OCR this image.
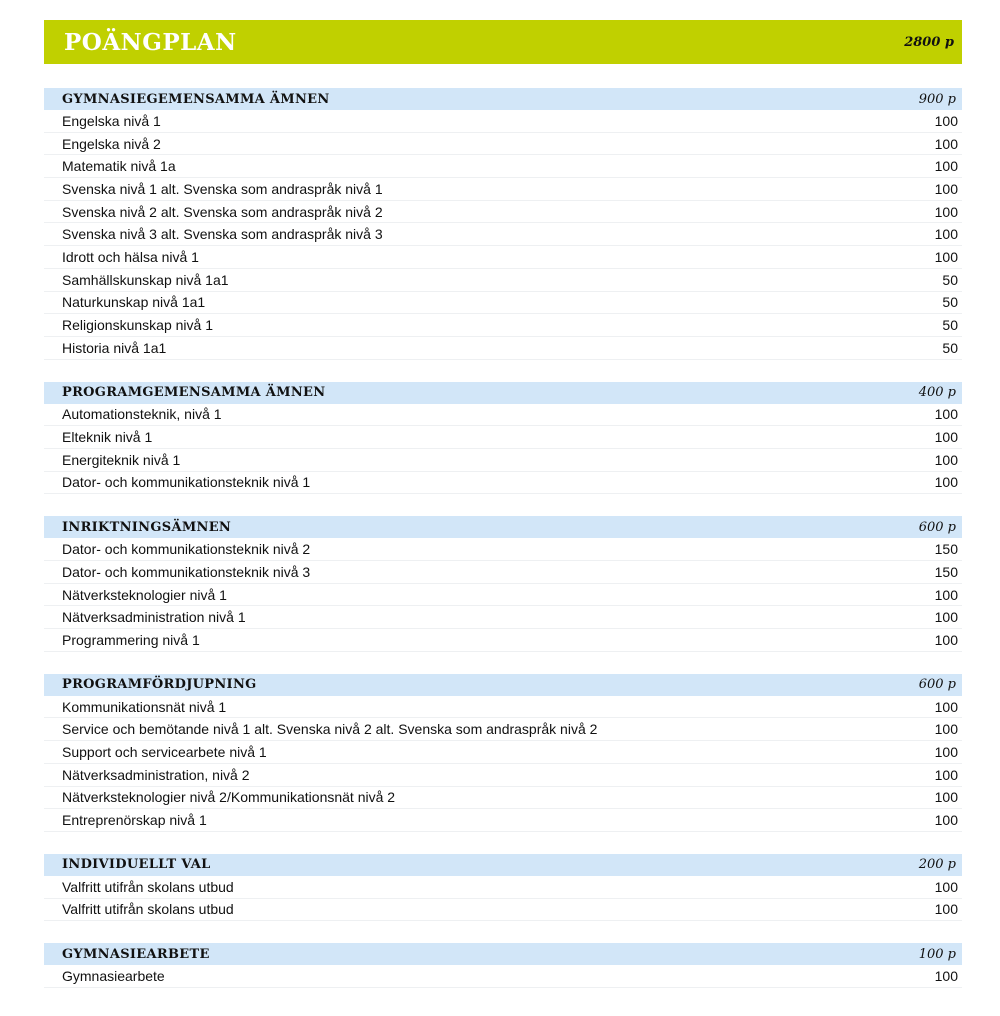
POÄNGPLAN	2800 p
GYMNASIEGEMENSAMMA ÄMNEN	900 p
Engelska nivå 1	100
Engelska nivå 2	100
Matematik nivå 1a	100
Svenska nivå 1 alt. Svenska som andraspråk nivå 1	100
Svenska nivå 2 alt. Svenska som andraspråk nivå 2	100
Svenska nivå 3 alt. Svenska som andraspråk nivå 3	100
Idrott och hälsa nivå 1	100
Samhällskunskap nivå 1a1	50
Naturkunskap nivå 1a1	50
Religionskunskap nivå 1	50
Historia nivå 1a1	50
PROGRAMGEMENSAMMA ÄMNEN	400 p
Automationsteknik, nivå 1	100
Elteknik nivå 1	100
Energiteknik nivå 1	100
Dator- och kommunikationsteknik nivå 1	100
INRIKTNINGSÄMNEN	600 p
Dator- och kommunikationsteknik nivå 2	150
Dator- och kommunikationsteknik nivå 3	150
Nätverksteknologier nivå 1	100
Nätverksadministration nivå 1	100
Programmering nivå 1	100
PROGRAMFÖRDJUPNING	600 p
Kommunikationsnät nivå 1	100
Service och bemötande nivå 1 alt. Svenska nivå 2 alt. Svenska som andraspråk nivå 2	100
Support och servicearbete nivå 1	100
Nätverksadministration, nivå 2	100
Nätverksteknologier nivå 2/Kommunikationsnät nivå 2	100
Entreprenörskap nivå 1	100
INDIVIDUELLT VAL	200 p
Valfritt utifrån skolans utbud	100
Valfritt utifrån skolans utbud	100
GYMNASIEARBETE	100 p
Gymnasiearbete	100
